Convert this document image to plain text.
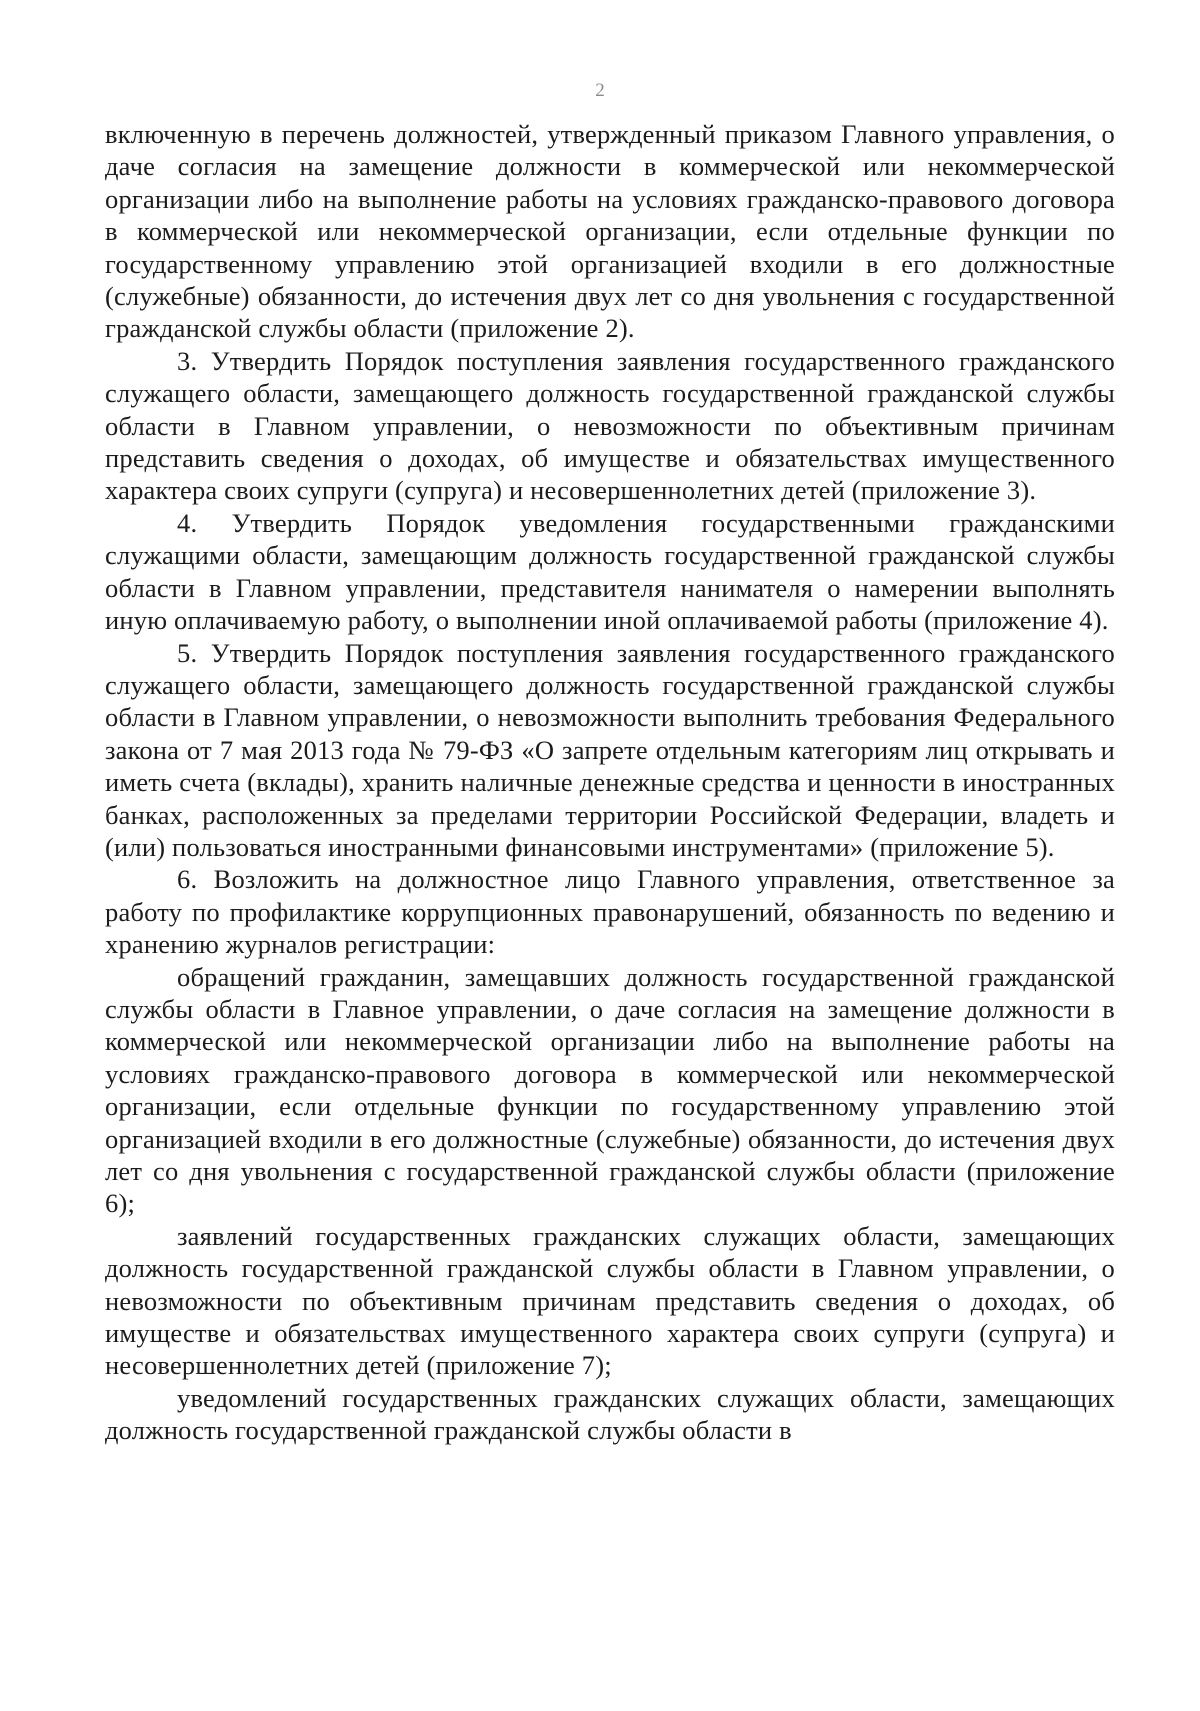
2

включенную в перечень должностей, утвержденный приказом Главного управления, о даче согласия на замещение должности в коммерческой или некоммерческой организации либо на выполнение работы на условиях гражданско-правового договора в коммерческой или некоммерческой организации, если отдельные функции по государственному управлению этой организацией входили в его должностные (служебные) обязанности, до истечения двух лет со дня увольнения с государственной гражданской службы области (приложение 2).

3. Утвердить Порядок поступления заявления государственного гражданского служащего области, замещающего должность государственной гражданской службы области в Главном управлении, о невозможности по объективным причинам представить сведения о доходах, об имуществе и обязательствах имущественного характера своих супруги (супруга) и несовершеннолетних детей (приложение 3).

4. Утвердить Порядок уведомления государственными гражданскими служащими области, замещающим должность государственной гражданской службы области в Главном управлении, представителя нанимателя о намерении выполнять иную оплачиваемую работу, о выполнении иной оплачиваемой работы (приложение 4).

5. Утвердить Порядок поступления заявления государственного гражданского служащего области, замещающего должность государственной гражданской службы области в Главном управлении, о невозможности выполнить требования Федерального закона от 7 мая 2013 года № 79-ФЗ «О запрете отдельным категориям лиц открывать и иметь счета (вклады), хранить наличные денежные средства и ценности в иностранных банках, расположенных за пределами территории Российской Федерации, владеть и (или) пользоваться иностранными финансовыми инструментами» (приложение 5).

6. Возложить на должностное лицо Главного управления, ответственное за работу по профилактике коррупционных правонарушений, обязанность по ведению и хранению журналов регистрации:

обращений гражданин, замещавших должность государственной гражданской службы области в Главное управлении, о даче согласия на замещение должности в коммерческой или некоммерческой организации либо на выполнение работы на условиях гражданско-правового договора в коммерческой или некоммерческой организации, если отдельные функции по государственному управлению этой организацией входили в его должностные (служебные) обязанности, до истечения двух лет со дня увольнения с государственной гражданской службы области (приложение 6);

заявлений государственных гражданских служащих области, замещающих должность государственной гражданской службы области в Главном управлении, о невозможности по объективным причинам представить сведения о доходах, об имуществе и обязательствах имущественного характера своих супруги (супруга) и несовершеннолетних детей (приложение 7);

уведомлений государственных гражданских служащих области, замещающих должность государственной гражданской службы области в
